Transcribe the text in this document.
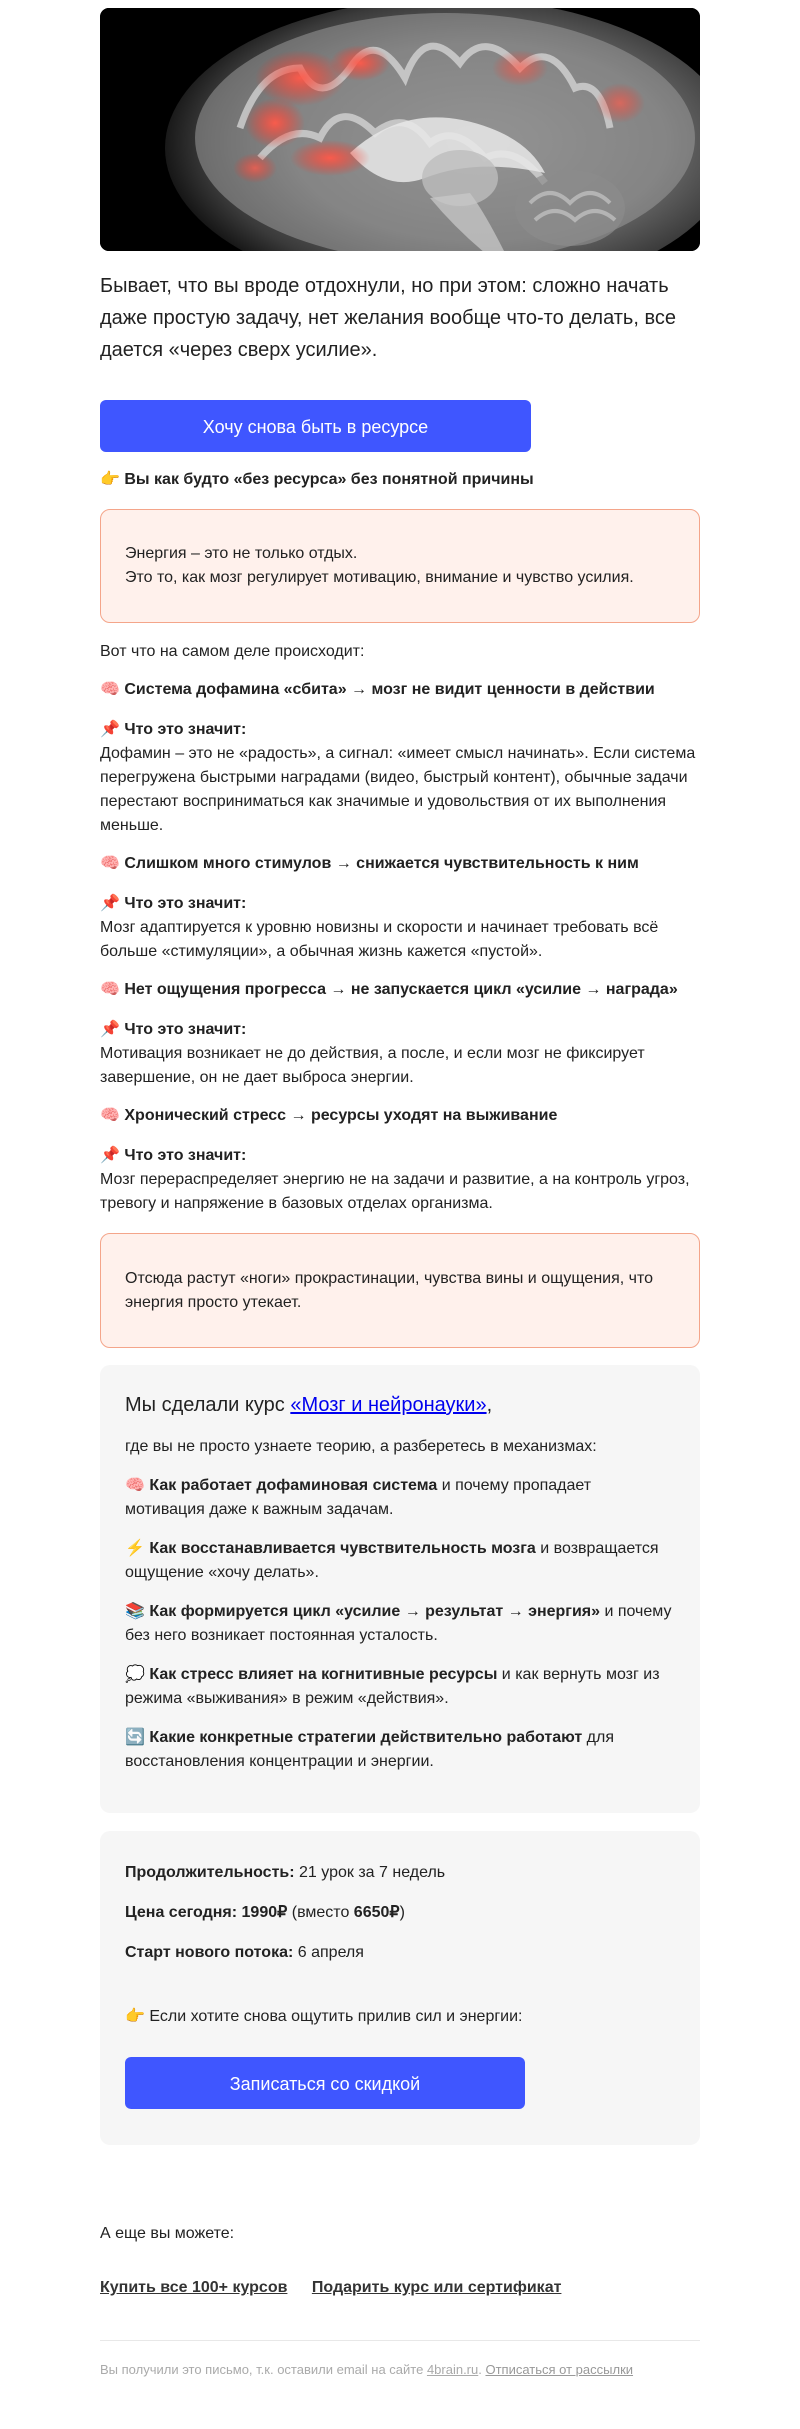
Бывает, что вы вроде отдохнули, но при этом: сложно начать даже простую задачу, нет желания вообще что-то делать, все дается «через сверх усилие».

Хочу снова быть в ресурсе

👉 Вы как будто «без ресурса» без понятной причины

Энергия – это не только отдых.
Это то, как мозг регулирует мотивацию, внимание и чувство усилия.

Вот что на самом деле происходит:

🧠 Система дофамина «сбита» → мозг не видит ценности в действии

📌 Что это значит:

Дофамин – это не «радость», а сигнал: «имеет смысл начинать». Если система перегружена быстрыми наградами (видео, быстрый контент), обычные задачи перестают восприниматься как значимые и удовольствия от их выполнения меньше.

🧠 Слишком много стимулов → снижается чувствительность к ним

📌 Что это значит:

Мозг адаптируется к уровню новизны и скорости и начинает требовать всё больше «стимуляции», а обычная жизнь кажется «пустой».

🧠 Нет ощущения прогресса → не запускается цикл «усилие → награда»

📌 Что это значит:

Мотивация возникает не до действия, а после, и если мозг не фиксирует завершение, он не дает выброса энергии.

🧠 Хронический стресс → ресурсы уходят на выживание

📌 Что это значит:

Мозг перераспределяет энергию не на задачи и развитие, а на контроль угроз, тревогу и напряжение в базовых отделах организма.

Отсюда растут «ноги» прокрастинации, чувства вины и ощущения, что энергия просто утекает.

Мы сделали курс «Мозг и нейронауки»,

где вы не просто узнаете теорию, а разберетесь в механизмах:

🧠 Как работает дофаминовая система и почему пропадает мотивация даже к важным задачам.

⚡ Как восстанавливается чувствительность мозга и возвращается ощущение «хочу делать».

📚 Как формируется цикл «усилие → результат → энергия» и почему без него возникает постоянная усталость.

💭 Как стресс влияет на когнитивные ресурсы и как вернуть мозг из режима «выживания» в режим «действия».

🔄 Какие конкретные стратегии действительно работают для восстановления концентрации и энергии.

Продолжительность: 21 урок за 7 недель

Цена сегодня: 1990₽ (вместо 6650₽)

Старт нового потока: 6 апреля

👉 Если хотите снова ощутить прилив сил и энергии:

Записаться со скидкой

А еще вы можете:

Купить все 100+ курсов Подарить курс или сертификат
Вы получили это письмо, т.к. оставили email на сайте 4brain.ru. Отписаться от рассылки
